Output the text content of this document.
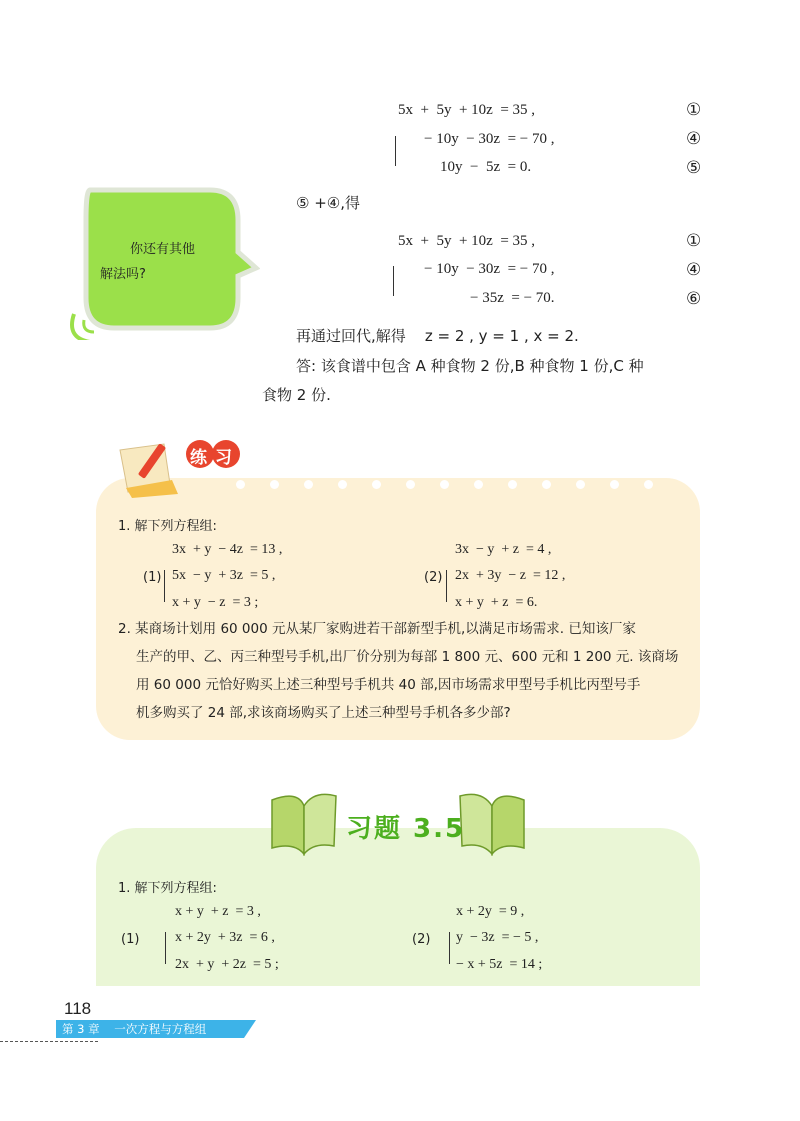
5x  +  5y  + 10z  = 35 ,
− 10y  − 30z  = − 70 ,
10y  −  5z  = 0.
①
④
⑤
⑤ +④,得
5x  +  5y  + 10z  = 35 ,
− 10y  − 30z  = − 70 ,
− 35z  = − 70.
①
④
⑥
你还有其他
解法吗?
再通过回代,解得    z = 2 , y = 1 , x = 2.
答: 该食谱中包含 A 种食物 2 份,B 种食物 1 份,C 种
食物 2 份.
练习
1. 解下列方程组:
(1)
3x  + y  − 4z  = 13 ,
5x  − y  + 3z  = 5 ,
x + y  − z  = 3 ;
(2)
3x  − y  + z  = 4 ,
2x  + 3y  − z  = 12 ,
x + y  + z  = 6.
2. 某商场计划用 60 000 元从某厂家购进若干部新型手机,以满足市场需求. 已知该厂家
生产的甲、乙、丙三种型号手机,出厂价分别为每部 1 800 元、600 元和 1 200 元. 该商场
用 60 000 元恰好购买上述三种型号手机共 40 部,因市场需求甲型号手机比丙型号手
机多购买了 24 部,求该商场购买了上述三种型号手机各多少部?
习题 3.5
1. 解下列方程组:
(1)
x + y  + z  = 3 ,
x + 2y  + 3z  = 6 ,
2x  + y  + 2z  = 5 ;
(2)
x + 2y  = 9 ,
y  − 3z  = − 5 ,
− x + 5z  = 14 ;
118
第 3 章    一次方程与方程组
